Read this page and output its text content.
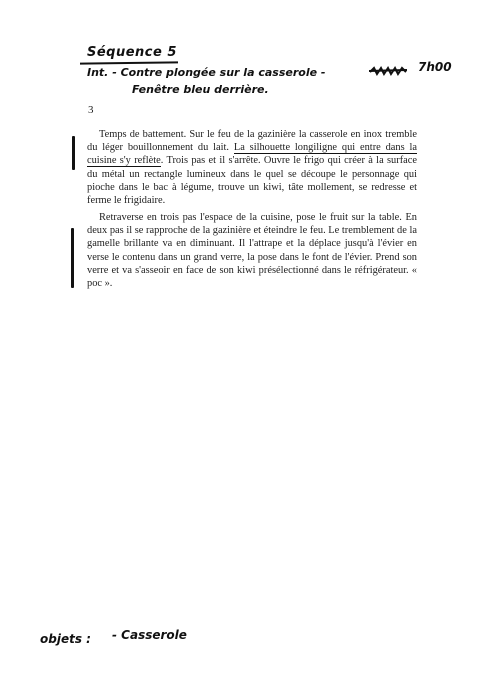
Séquence 5
Int. - Contre plongée sur la casserole -	7h00
Fenêtre bleu derrière.
3

Temps de battement. Sur le feu de la gazinière la casserole en inox tremble du léger bouillonnement du lait. La silhouette longiligne qui entre dans la cuisine s'y reflète. Trois pas et il s'arrête. Ouvre le frigo qui créer à la surface du métal un rectangle lumineux dans le quel se découpe le personnage qui pioche dans le bac à légume, trouve un kiwi, tâte mollement, se redresse et ferme le frigidaire.

Retraverse en trois pas l'espace de la cuisine, pose le fruit sur la table. En deux pas il se rapproche de la gazinière et éteindre le feu. Le tremblement de la gamelle brillante va en diminuant. Il l'attrape et la déplace jusqu'à l'évier en verse le contenu dans un grand verre, la pose dans le font de l'évier. Prend son verre et va s'asseoir en face de son kiwi présélectionné dans le réfrigérateur. « poc ».

objets : - Casserole
